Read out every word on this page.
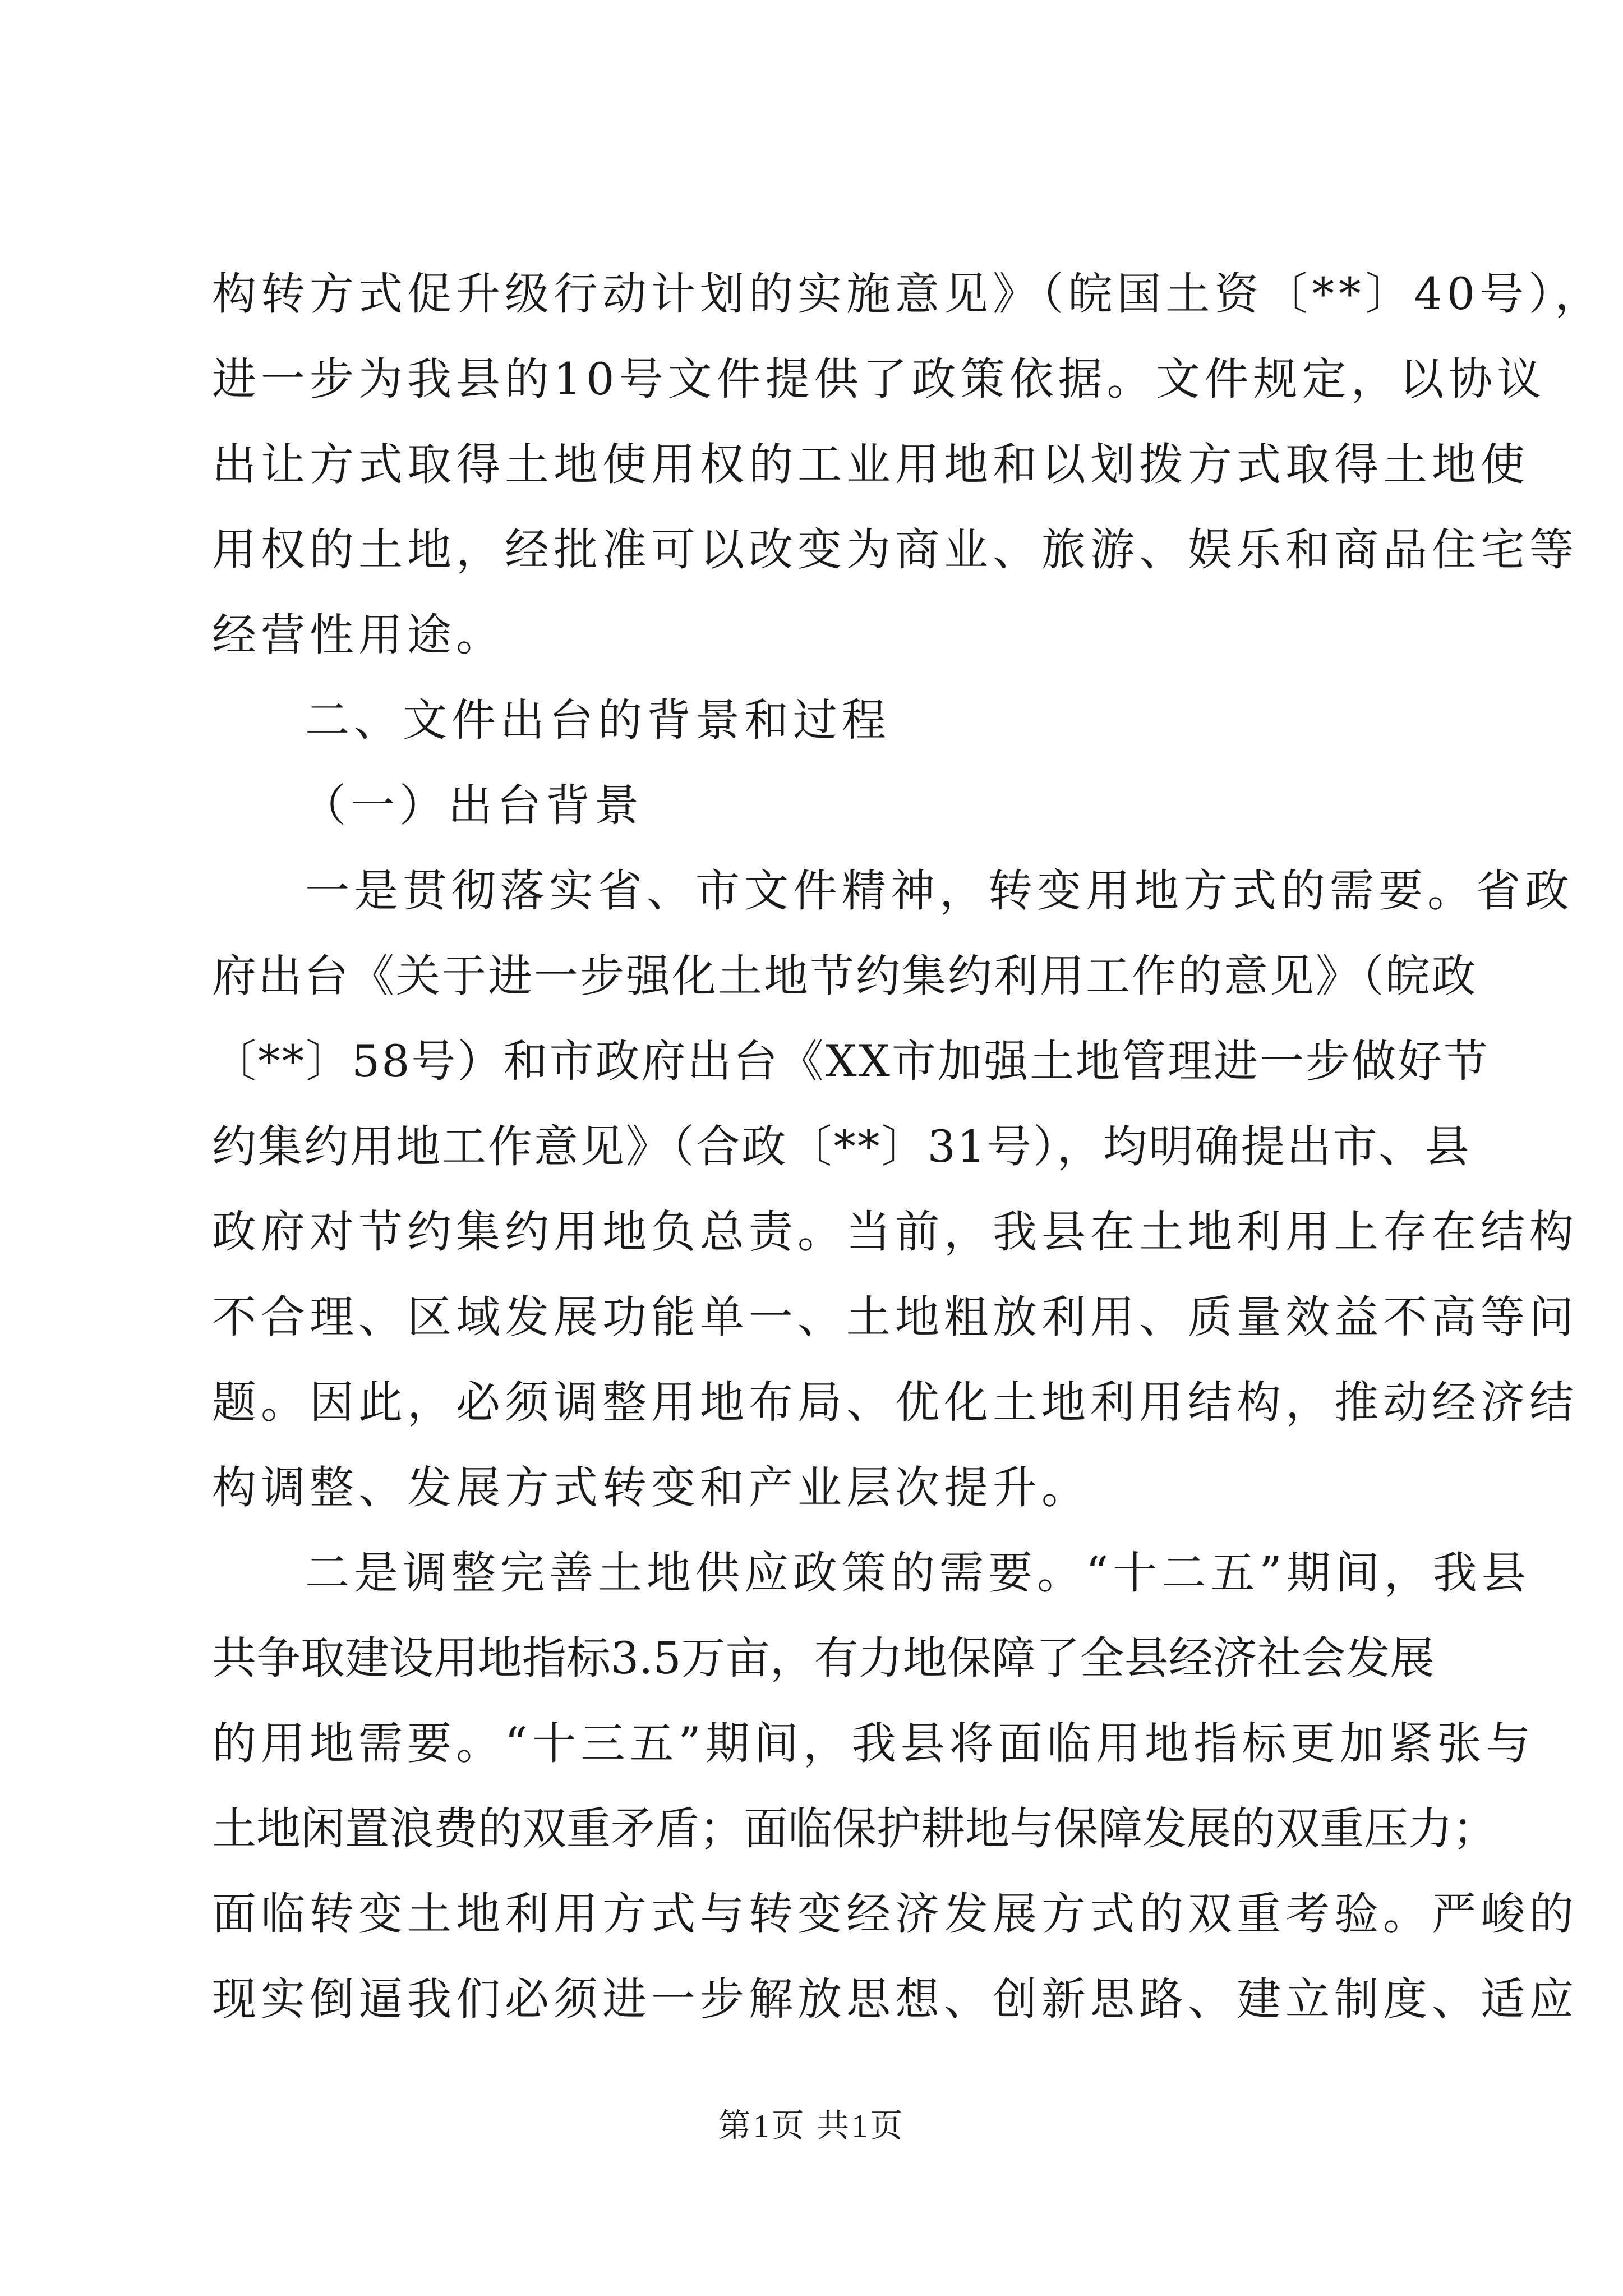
构转方式促升级行动计划的实施意见》（皖国土资〔**〕40号），
进一步为我县的10号文件提供了政策依据。文件规定，以协议
出让方式取得土地使用权的工业用地和以划拨方式取得土地使
用权的土地，经批准可以改变为商业、旅游、娱乐和商品住宅等
经营性用途。
二、文件出台的背景和过程
（一）出台背景
一是贯彻落实省、市文件精神，转变用地方式的需要。省政
府出台《关于进一步强化土地节约集约利用工作的意见》（皖政
〔**〕58号）和市政府出台《XX市加强土地管理进一步做好节
约集约用地工作意见》（合政〔**〕31号），均明确提出市、县
政府对节约集约用地负总责。当前，我县在土地利用上存在结构
不合理、区域发展功能单一、土地粗放利用、质量效益不高等问
题。因此，必须调整用地布局、优化土地利用结构，推动经济结
构调整、发展方式转变和产业层次提升。
二是调整完善土地供应政策的需要。“十二五”期间，我县
共争取建设用地指标3.5万亩，有力地保障了全县经济社会发展
的用地需要。“十三五”期间，我县将面临用地指标更加紧张与
土地闲置浪费的双重矛盾；面临保护耕地与保障发展的双重压力；
面临转变土地利用方式与转变经济发展方式的双重考验。严峻的
现实倒逼我们必须进一步解放思想、创新思路、建立制度、适应
第1页 共1页
